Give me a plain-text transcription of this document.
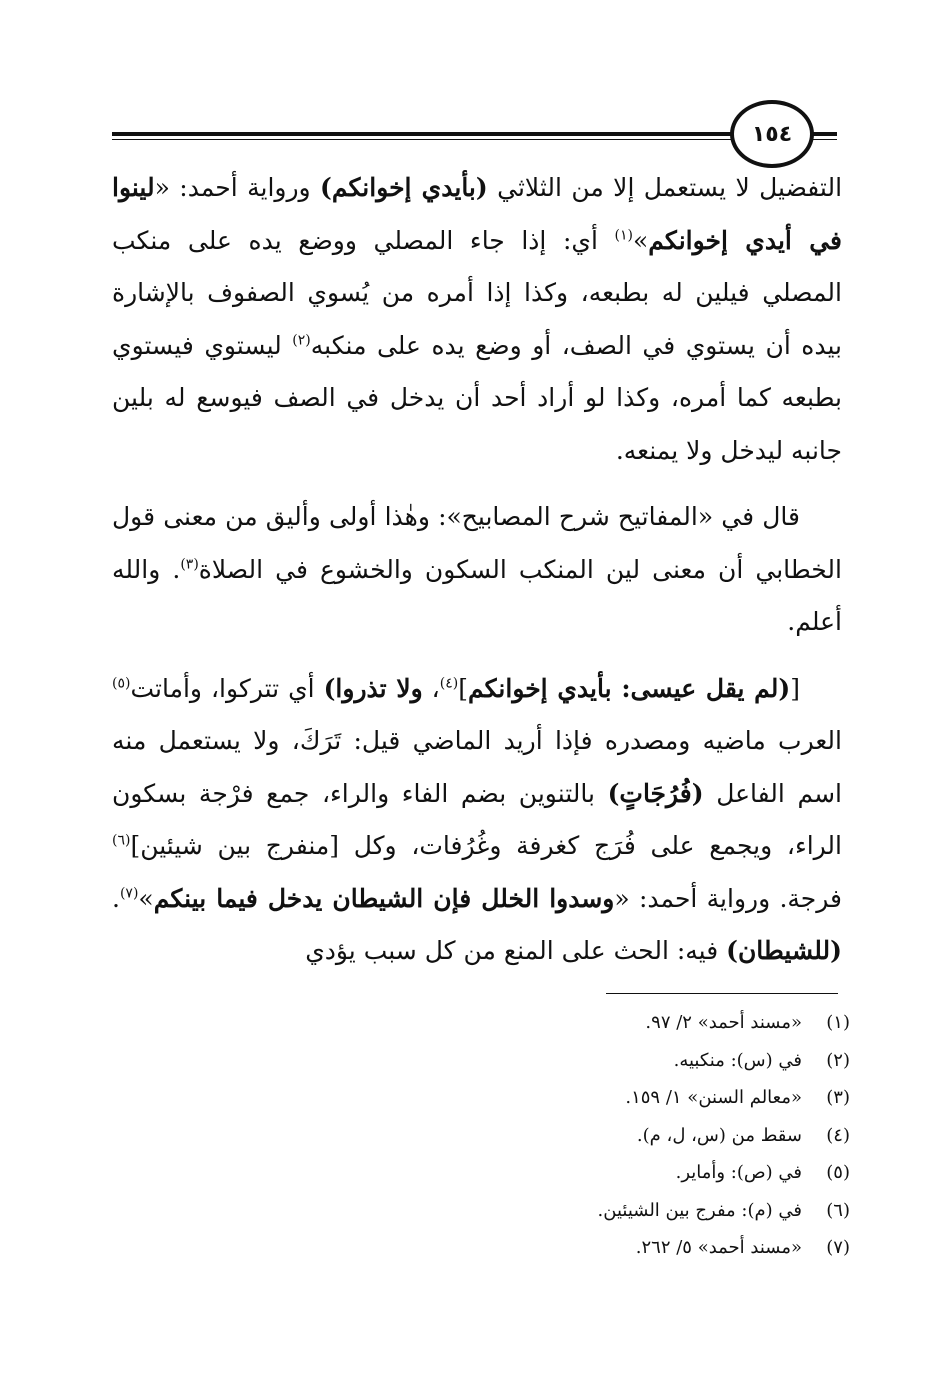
١٥٤

التفضيل لا يستعمل إلا من الثلاثي (بأيدي إخوانكم) ورواية أحمد: «لينوا في أيدي إخوانكم»$^{(١)}$ أي: إذا جاء المصلي ووضع يده على منكب المصلي فيلين له بطبعه، وكذا إذا أمره من يُسوي الصفوف بالإشارة بيده أن يستوي في الصف، أو وضع يده على منكبه$^{(٢)}$ ليستوي فيستوي بطبعه كما أمره، وكذا لو أراد أحد أن يدخل في الصف فيوسع له بلين جانبه ليدخل ولا يمنعه.

قال في «المفاتيح شرح المصابيح»: وهٰذا أولى وأليق من معنى قول الخطابي أن معنى لين المنكب السكون والخشوع في الصلاة$^{(٣)}$. والله أعلم.

[(لم يقل عيسى: بأيدي إخوانكم]$^{(٤)}$، ولا تذروا) أي تتركوا، وأماتت$^{(٥)}$ العرب ماضيه ومصدره فإذا أريد الماضي قيل: تَرَكَ، ولا يستعمل منه اسم الفاعل (فُرُجَاتٍ) بالتنوين بضم الفاء والراء، جمع فرْجة بسكون الراء، ويجمع على فُرَج كغرفة وغُرُفات، وكل [منفرج بين شيئين]$^{(٦)}$ فرجة. ورواية أحمد: «وسدوا الخلل فإن الشيطان يدخل فيما بينكم»$^{(٧)}$. (للشيطان) فيه: الحث على المنع من كل سبب يؤدي

(١)
«مسند أحمد» ٢/ ٩٧.
(٢)
في (س): منكبيه.
(٣)
«معالم السنن» ١/ ١٥٩.
(٤)
سقط من (س، ل، م).
(٥)
في (ص): وأماير.
(٦)
في (م): مفرج بين الشيئين.
(٧)
«مسند أحمد» ٥/ ٢٦٢.
